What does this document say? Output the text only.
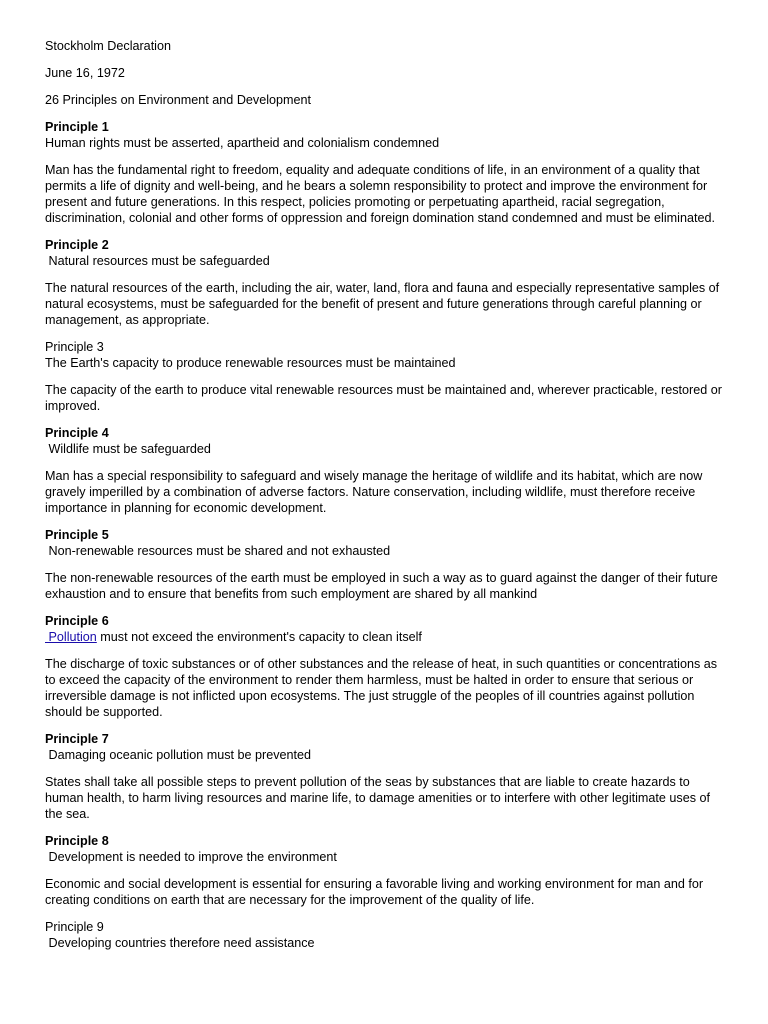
Stockholm Declaration

June 16, 1972

26 Principles on Environment and Development

Principle 1
Human rights must be asserted, apartheid and colonialism condemned
Man has the fundamental right to freedom, equality and adequate conditions of life, in an environment of a quality that permits a life of dignity and well-being, and he bears a solemn responsibility to protect and improve the environment for present and future generations. In this respect, policies promoting or perpetuating apartheid, racial segregation, discrimination, colonial and other forms of oppression and foreign domination stand condemned and must be eliminated.
Principle 2
Natural resources must be safeguarded
The natural resources of the earth, including the air, water, land, flora and fauna and especially representative samples of natural ecosystems, must be safeguarded for the benefit of present and future generations through careful planning or management, as appropriate.
Principle 3
The Earth's capacity to produce renewable resources must be maintained
The capacity of the earth to produce vital renewable resources must be maintained and, wherever practicable, restored or improved.
Principle 4
Wildlife must be safeguarded
Man has a special responsibility to safeguard and wisely manage the heritage of wildlife and its habitat, which are now gravely imperilled by a combination of adverse factors. Nature conservation, including wildlife, must therefore receive importance in planning for economic development.
Principle 5
Non-renewable resources must be shared and not exhausted
The non-renewable resources of the earth must be employed in such a way as to guard against the danger of their future exhaustion and to ensure that benefits from such employment are shared by all mankind
Principle 6
Pollution must not exceed the environment's capacity to clean itself
The discharge of toxic substances or of other substances and the release of heat, in such quantities or concentrations as to exceed the capacity of the environment to render them harmless, must be halted in order to ensure that serious or irreversible damage is not inflicted upon ecosystems. The just struggle of the peoples of ill countries against pollution should be supported.
Principle 7
Damaging oceanic pollution must be prevented
States shall take all possible steps to prevent pollution of the seas by substances that are liable to create hazards to human health, to harm living resources and marine life, to damage amenities or to interfere with other legitimate uses of the sea.
Principle 8
Development is needed to improve the environment
Economic and social development is essential for ensuring a favorable living and working environment for man and for creating conditions on earth that are necessary for the improvement of the quality of life.
Principle 9
Developing countries therefore need assistance
